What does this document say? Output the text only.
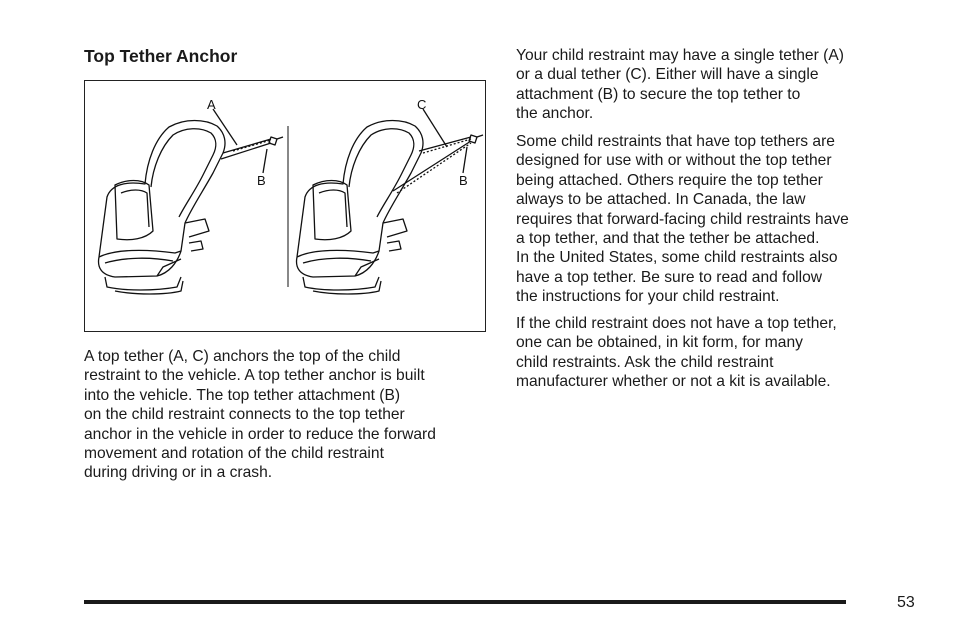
Top Tether Anchor
A
B
C
B

A top tether (A, C) anchors the top of the child
restraint to the vehicle. A top tether anchor is built
into the vehicle. The top tether attachment (B)
on the child restraint connects to the top tether
anchor in the vehicle in order to reduce the forward
movement and rotation of the child restraint
during driving or in a crash.

Your child restraint may have a single tether (A)
or a dual tether (C). Either will have a single
attachment (B) to secure the top tether to
the anchor.

Some child restraints that have top tethers are
designed for use with or without the top tether
being attached. Others require the top tether
always to be attached. In Canada, the law
requires that forward-facing child restraints have
a top tether, and that the tether be attached.
In the United States, some child restraints also
have a top tether. Be sure to read and follow
the instructions for your child restraint.

If the child restraint does not have a top tether,
one can be obtained, in kit form, for many
child restraints. Ask the child restraint
manufacturer whether or not a kit is available.

53
